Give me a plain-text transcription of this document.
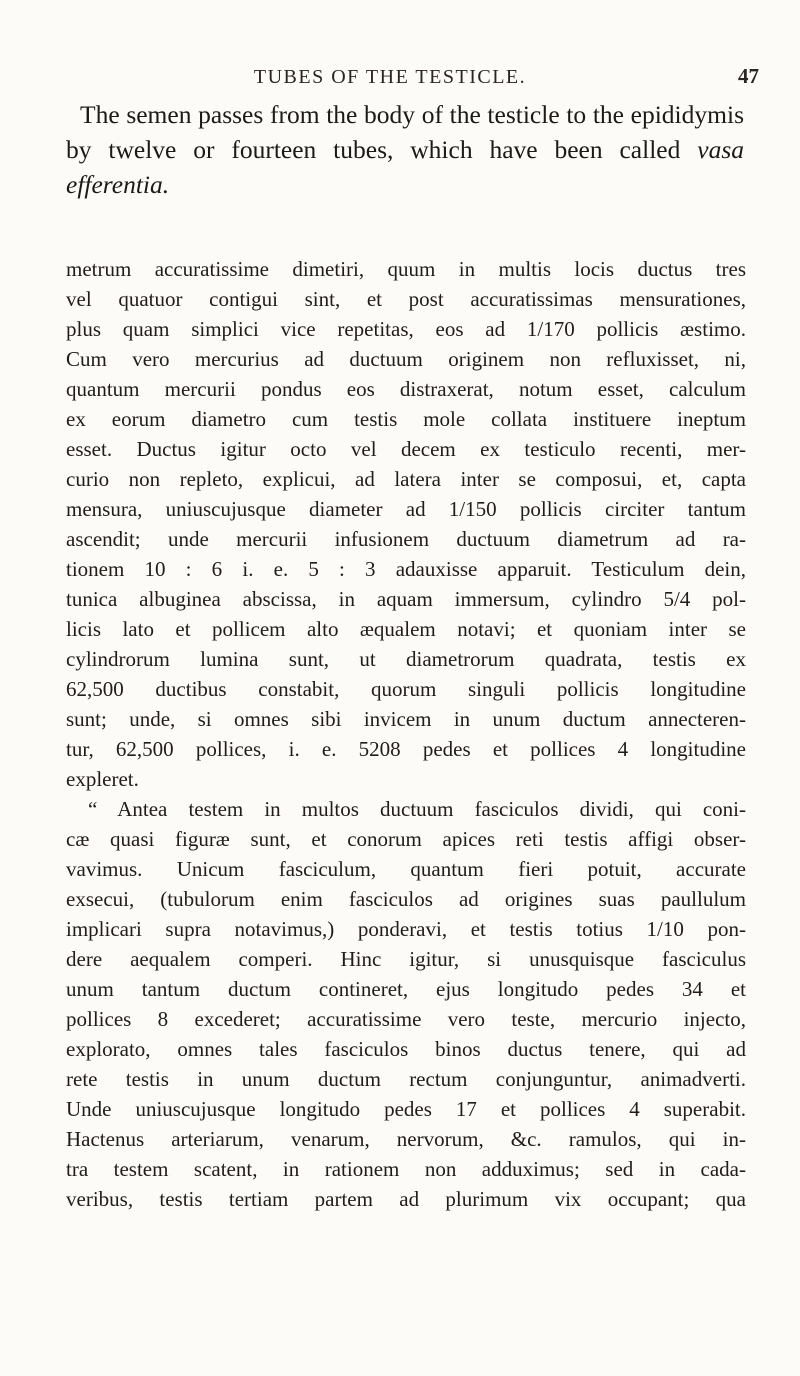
TUBES OF THE TESTICLE.	47
The semen passes from the body of the testicle to the epididymis by twelve or fourteen tubes, which have been called vasa efferentia.
metrum accuratissime dimetiri, quum in multis locis ductus tres
vel quatuor contigui sint, et post accuratissimas mensurationes,
plus quam simplici vice repetitas, eos ad 1/170 pollicis æstimo.
Cum vero mercurius ad ductuum originem non refluxisset, ni,
quantum mercurii pondus eos distraxerat, notum esset, calculum
ex eorum diametro cum testis mole collata instituere ineptum
esset. Ductus igitur octo vel decem ex testiculo recenti, mer-
curio non repleto, explicui, ad latera inter se composui, et, capta
mensura, uniuscujusque diameter ad 1/150 pollicis circiter tantum
ascendit; unde mercurii infusionem ductuum diametrum ad ra-
tionem 10 : 6 i. e. 5 : 3 adauxisse apparuit. Testiculum dein,
tunica albuginea abscissa, in aquam immersum, cylindro 5/4 pol-
licis lato et pollicem alto æqualem notavi; et quoniam inter se
cylindrorum lumina sunt, ut diametrorum quadrata, testis ex
62,500 ductibus constabit, quorum singuli pollicis longitudine
sunt; unde, si omnes sibi invicem in unum ductum annecteren-
tur, 62,500 pollices, i. e. 5208 pedes et pollices 4 longitudine
expleret.
“ Antea testem in multos ductuum fasciculos dividi, qui coni-
cæ quasi figuræ sunt, et conorum apices reti testis affigi obser-
vavimus. Unicum fasciculum, quantum fieri potuit, accurate
exsecui, (tubulorum enim fasciculos ad origines suas paullulum
implicari supra notavimus,) ponderavi, et testis totius 1/10 pon-
dere aequalem comperi. Hinc igitur, si unusquisque fasciculus
unum tantum ductum contineret, ejus longitudo pedes 34 et
pollices 8 excederet; accuratissime vero teste, mercurio injecto,
explorato, omnes tales fasciculos binos ductus tenere, qui ad
rete testis in unum ductum rectum conjunguntur, animadverti.
Unde uniuscujusque longitudo pedes 17 et pollices 4 superabit.
Hactenus arteriarum, venarum, nervorum, &c. ramulos, qui in-
tra testem scatent, in rationem non adduximus; sed in cada-
veribus, testis tertiam partem ad plurimum vix occupant; qua
